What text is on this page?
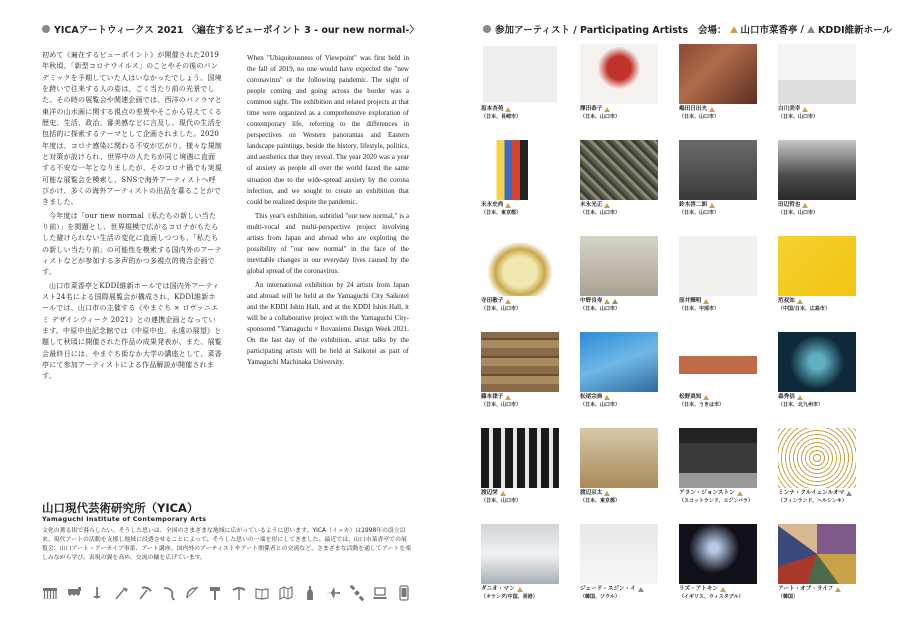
YICAアートウィークス 2021 〈遍在するビューポイント 3 - our new normal-〉

初めて《遍在するビューポイント》が開催された2019年秋頃、「新型コロナウイルス」のことやその後のパンデミックを予期していた人はいなかったでしょう。国境を跨いで往来する人の姿は、ごく当たり前の光景でした。その時の展覧会や関連企画では、西洋のパノラマと東洋の山水画に関する視点の差異やそこから見えてくる歴史、生活、政治、審美感などに言及し、現代の生活を包括的に探索するテーマとして企画されました。2020年度は、コロナ感染に関わる不安が広がり、様々な規制と対策が設けられ、世界中の人たちが同じ境遇に直面する不安な一年となりましたが、そのコロナ禍でも実現可能な展覧会を模索し、SNSで海外アーティストへ呼びかけ、多くの海外アーティストの出品を募ることができました。

今年度は「our new normal（私たちの新しい当たり前）」を掲題とし、世界規模で広がるコロナがもたらした避けられない生活の変化に直面しつつも、「私たちの新しい当たり前」の可能性を模索する国内外のアーティストなどが参加する多声的かつ多視点的複合企画です。

山口市菜香亭とKDDI維新ホールでは国内外アーティスト24名による国際展覧会が構成され、KDDI維新ホールでは、山口市の主催する《やまぐち × ロヴァニエミ デザインウィーク 2021》との連携企画となっています。中原中也記念館では《中原中也、永遠の展望》と題して秋頃に開催された作品の成果発表が、また、展覧会最終日には、やまぐち街なか大学の講座として、菜香亭にて参加アーティストによる作品解説が開催されます。

When "Ubiquitousness of Viewpoint" was first held in the fall of 2019, no one would have expected the "new coronavirus" or the following pandemic. The sight of people coming and going across the border was a common sight. The exhibition and related projects at that time were organized as a comprehensive exploration of contemporary life, referring to the differences in perspectives on Western panoramas and Eastern landscape paintings, beside the history, lifestyle, politics, and aesthetics that they reveal. The year 2020 was a year of anxiety as people all over the world faced the same situation due to the wide-spread anxiety by the corona infection, and we sought to create an exhibition that could be realized despite the pandemic.

This year's exhibition, subtitled "our new normal," is a multi-vocal and multi-perspective project involving artists from Japan and abroad who are exploring the possibility of "our new normal" in the face of the inevitable changes in our everyday lives caused by the global spread of the coronavirus.

An international exhibition by 24 artists from Japan and abroad will be held at the Yamaguchi City Saikotei and the KDDI Ishin Hall, and at the KDDI Ishin Hall, it will be a collaborative project with the Yamaguchi City-sponsored "Yamaguchi × Rovaniemi Design Week 2021. On the last day of the exhibition, artist talks by the participating artists will be held at Saikotei as part of Yamaguchi Machinaka University.

山口現代芸術研究所（YICA）
Yamaguchi Institute of Contemporary Arts
文化の薫る街で暮らしたい。そうした思いは、全国のさまざまな地域に広がっているように思います。YICA（イッカ）は1998年の設立以来、現代アートの活動を支援し地域に浸透させることによって、そうした思いの一端を形にしてきました。最近では、山口市菜香亭での展覧会、山口アート・アーカイブ事業、アート講座、国内外のアーティストやアート関係者との交流など、さまざまな活動を通してアートを楽しみながら学び、表現の翼を高め、交流の輪を広げています。
参加アーティスト / Participating Artists 会場： 山口市菜香亭 / KDDI維新ホール
坂本杏苑
（日本、長崎市）
澤田恭子
（日本、山口市）
嶋田日出夫
（日本、山口市）
白川美幸
（日本、山口市）
末永史尚
（日本、東京都）
末永光正
（日本、山口市）
鈴木啓二朗
（日本、山口市）
田辺哲也
（日本、山口市）
寺田敬子
（日本、山口市）
中野良寿
（日本、山口市）
原井輝明
（日本、宇部市）
范叔如
（中国/日本、広島市）
藤本律子
（日本、山口市）
松尾宗典
（日本、山口市）
松野真知
（日本、うきは市）
森秀信
（日本、北九州市）
渡辺栄
（日本、山口市）
渡辺京太
（日本、東京都）
アラン・ジョンストン
（スコットランド、エジンバラ）
ミンナ・クルイェンルオマ
（フィンランド、ヘルシンキ）
ダニオ・マン
（オランダ/中国、香港）
ジェード・スジン・イ
（韓国、ソウル）
リズ・アトキン
（イギリス、ウィスタブル）
アート・オブ・ライフ
（韓国）
